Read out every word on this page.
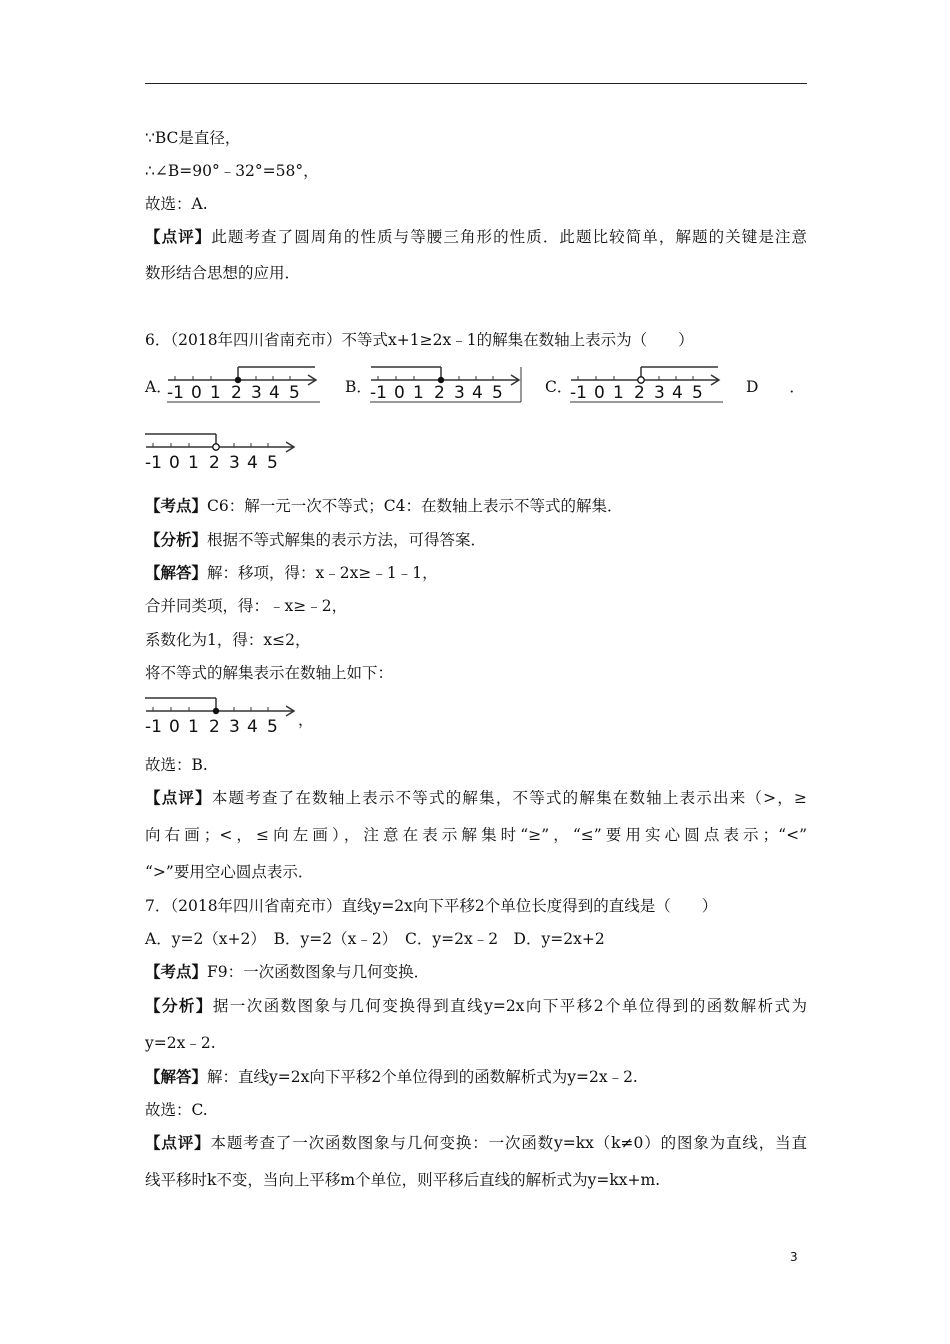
∵BC是直径，
∴∠B=90°﹣32°=58°，
故选：A.
【点评】此题考查了圆周角的性质与等腰三角形的性质．此题比较简单，解题的关键是注意
数形结合思想的应用．
6．（2018年四川省南充市）不等式x+1≥2x﹣1的解集在数轴上表示为（　　）
A．
-1 0 1 2 3 4 5	B．
-1 0 1 2 3 4 5	C．
-1 0 1 2 3 4 5	D　　．
-1 0 1 2 3 4 5
【考点】C6：解一元一次不等式；C4：在数轴上表示不等式的解集．
【分析】根据不等式解集的表示方法，可得答案．
【解答】解：移项，得：x﹣2x≥﹣1﹣1，
合并同类项，得：﹣x≥﹣2，
系数化为1，得：x≤2，
将不等式的解集表示在数轴上如下：
-1 0 1 2 3 4 5 ，
故选：B.
【点评】本题考查了在数轴上表示不等式的解集，不等式的解集在数轴上表示出来（>，≥
向右画；<，≤向左画），注意在表示解集时“≥”，“≤”要用实心圆点表示；“<”
“>”要用空心圆点表示．
7．（2018年四川省南充市）直线y=2x向下平移2个单位长度得到的直线是（　　）
A．y=2（x+2）　B．y=2（x﹣2）　C．y=2x﹣2　D．y=2x+2
【考点】F9：一次函数图象与几何变换．
【分析】据一次函数图象与几何变换得到直线y=2x向下平移2个单位得到的函数解析式为
y=2x﹣2.
【解答】解：直线y=2x向下平移2个单位得到的函数解析式为y=2x﹣2.
故选：C.
【点评】本题考查了一次函数图象与几何变换：一次函数y=kx（k≠0）的图象为直线，当直
线平移时k不变，当向上平移m个单位，则平移后直线的解析式为y=kx+m.
3
